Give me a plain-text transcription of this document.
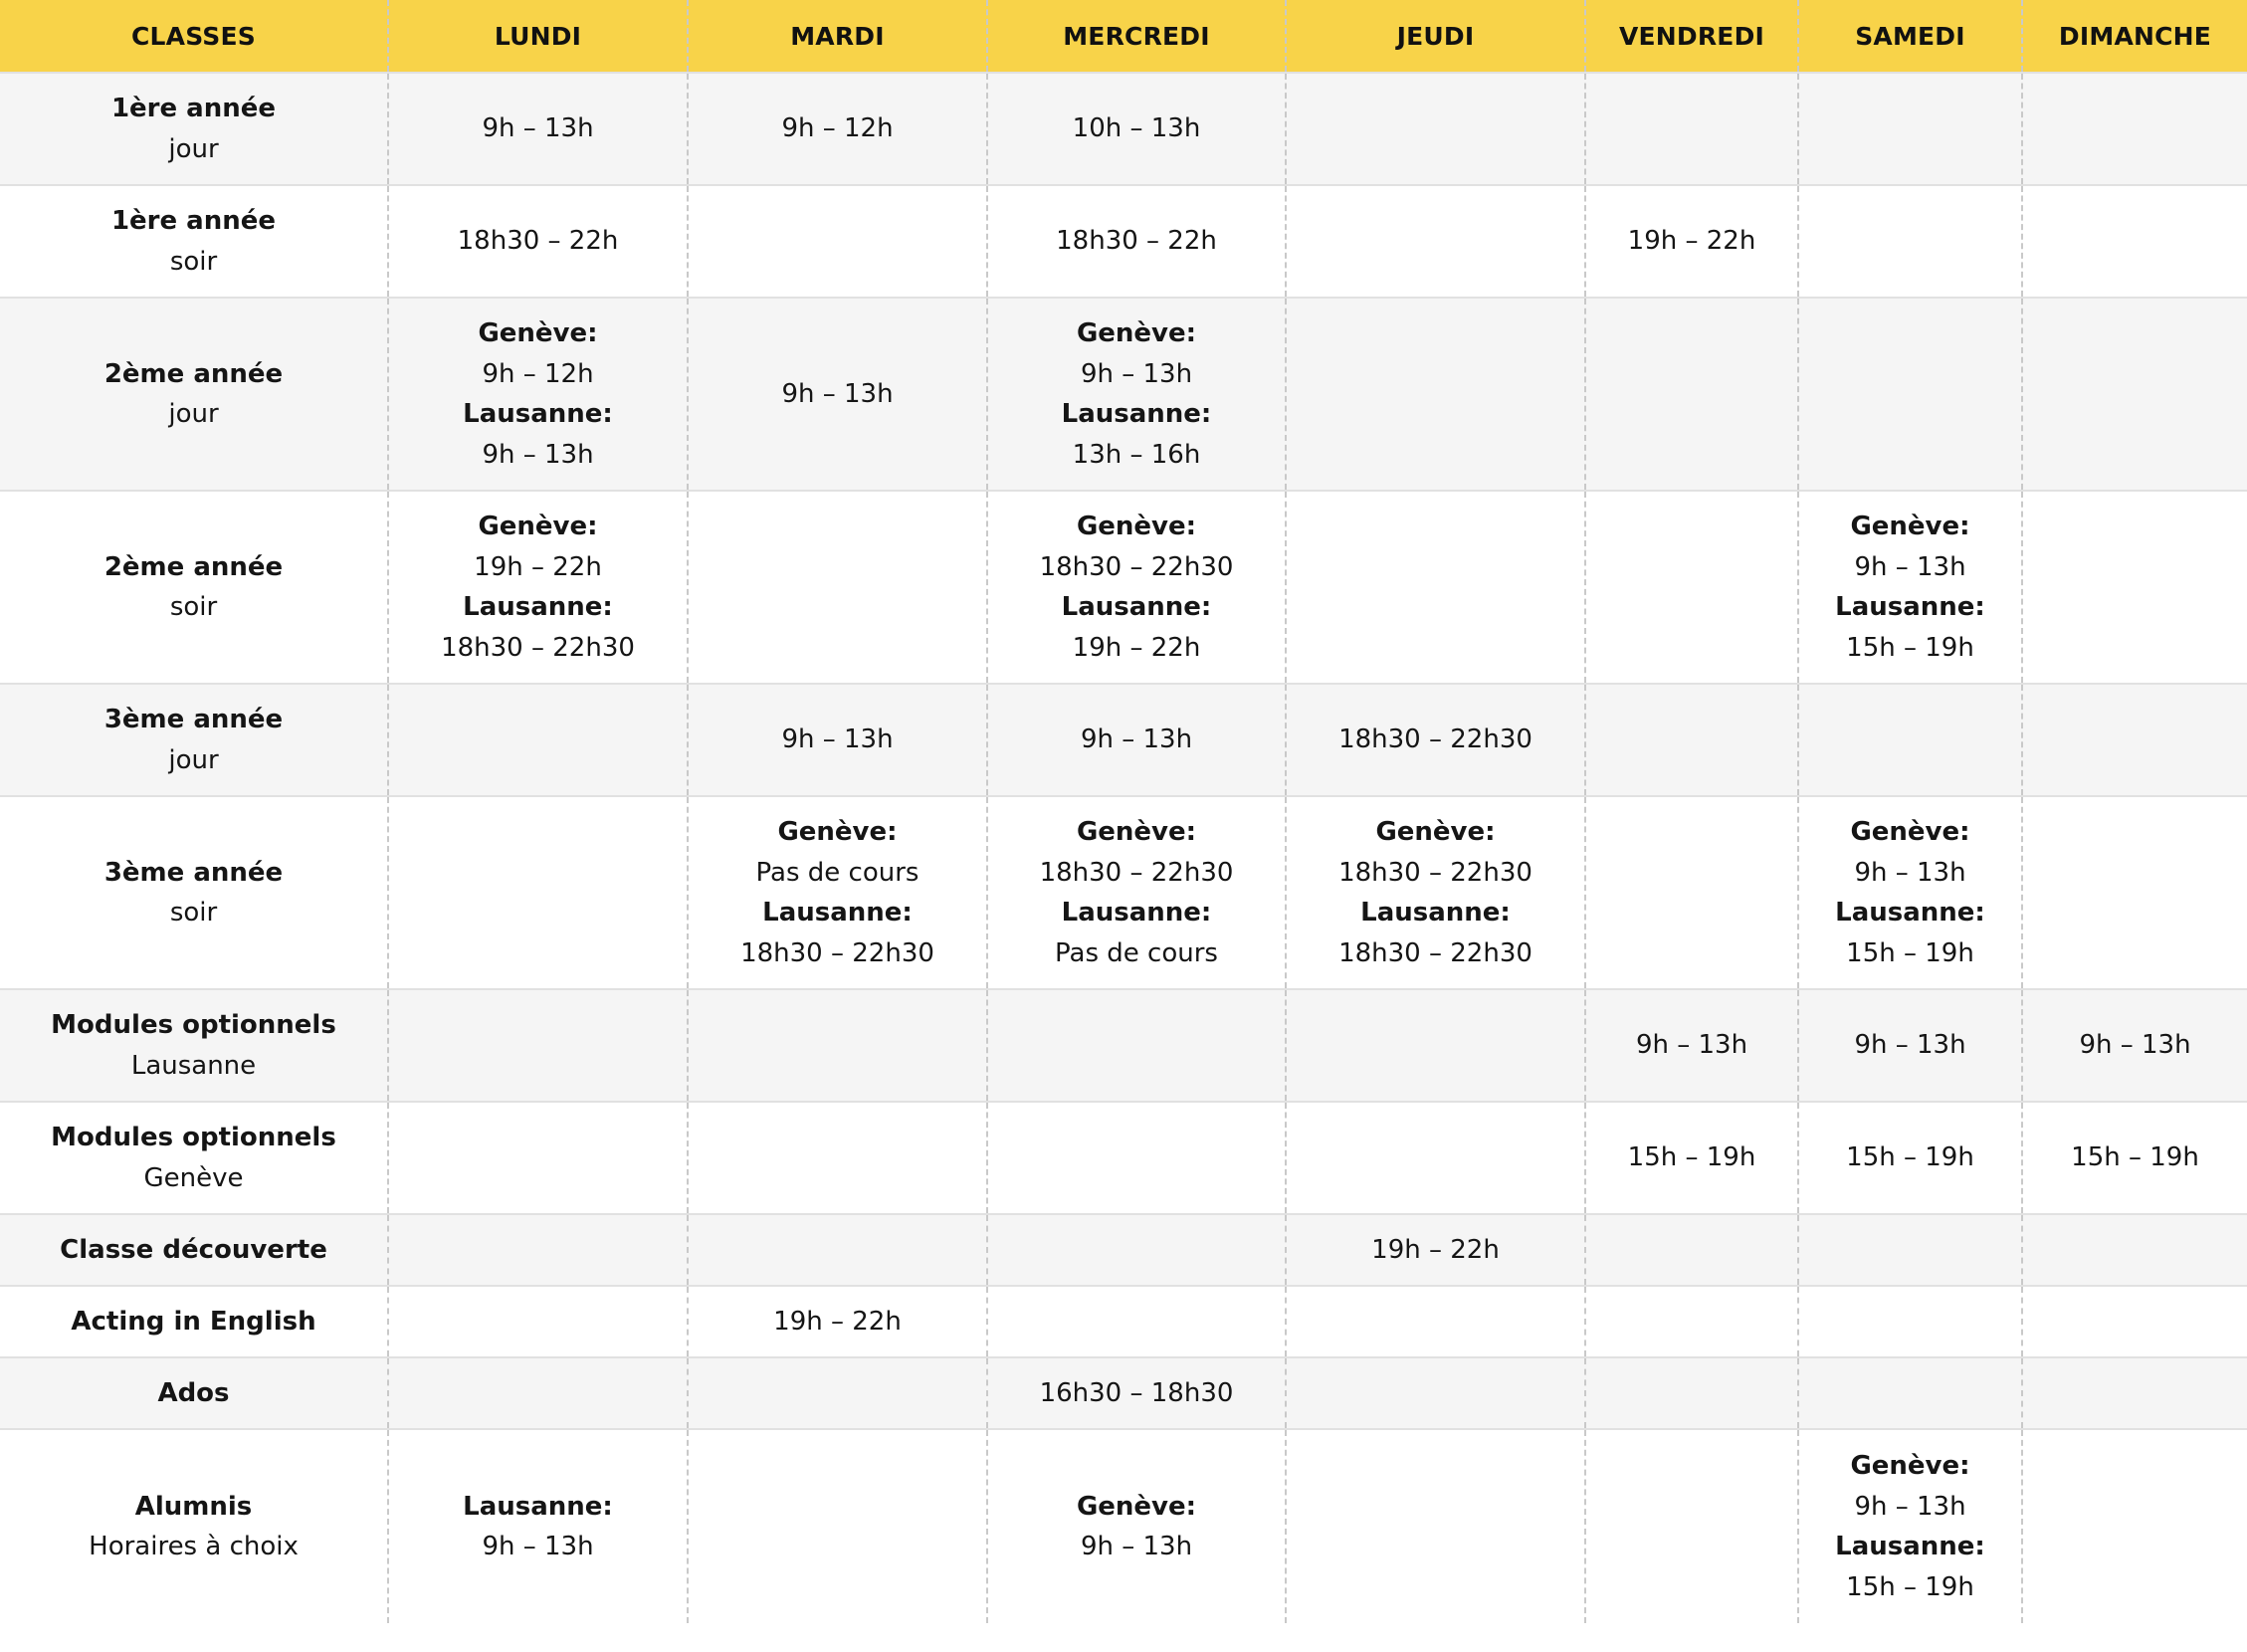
CLASSES	LUNDI	MARDI	MERCREDI	JEUDI	VENDREDI	SAMEDI	DIMANCHE

1ère année
jour	9h – 13h	9h – 12h	10h – 13h				

1ère année
soir	18h30 – 22h		18h30 – 22h		19h – 22h		

2ème année
jour	Genève:
9h – 12h
Lausanne:
9h – 13h	9h – 13h	Genève:
9h – 13h
Lausanne:
13h – 16h				

2ème année
soir	Genève:
19h – 22h
Lausanne:
18h30 – 22h30		Genève:
18h30 – 22h30
Lausanne:
19h – 22h			Genève:
9h – 13h
Lausanne:
15h – 19h	

3ème année
jour		9h – 13h	9h – 13h	18h30 – 22h30			

3ème année
soir		Genève:
Pas de cours
Lausanne:
18h30 – 22h30	Genève:
18h30 – 22h30
Lausanne:
Pas de cours	Genève:
18h30 – 22h30
Lausanne:
18h30 – 22h30		Genève:
9h – 13h
Lausanne:
15h – 19h	

Modules optionnels
Lausanne					9h – 13h	9h – 13h	9h – 13h

Modules optionnels
Genève					15h – 19h	15h – 19h	15h – 19h

Classe découverte				19h – 22h			

Acting in English		19h – 22h					

Ados			16h30 – 18h30				

Alumnis
Horaires à choix	Lausanne:
9h – 13h		Genève:
9h – 13h			Genève:
9h – 13h
Lausanne:
15h – 19h	
